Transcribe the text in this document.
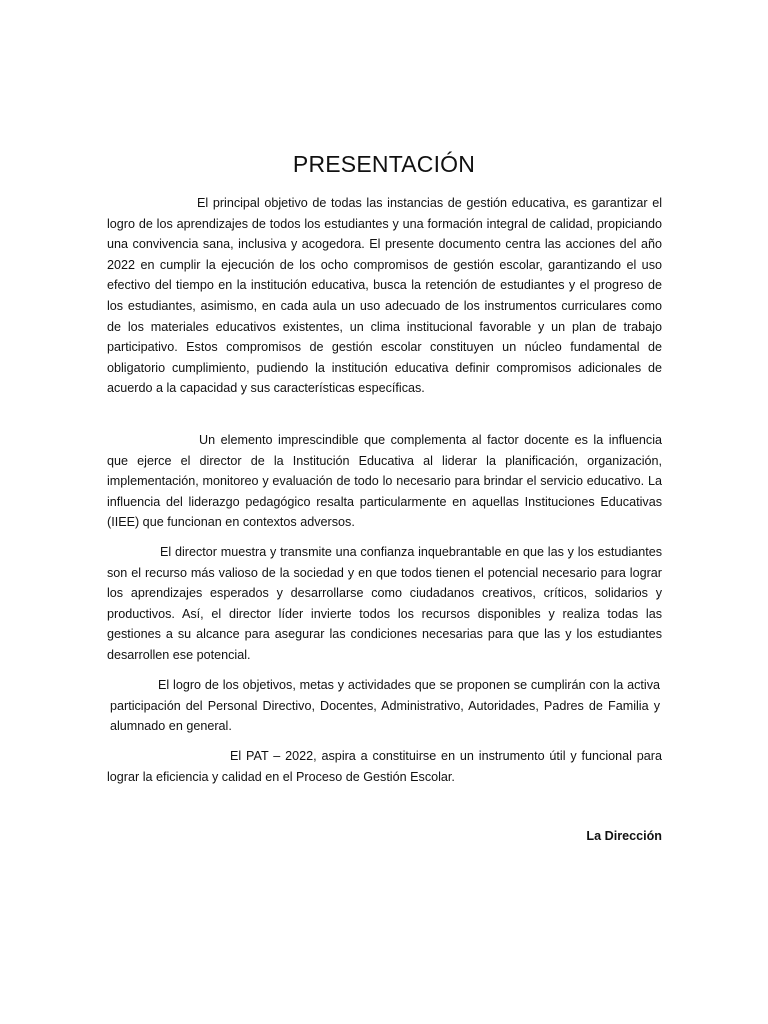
PRESENTACIÓN

El principal objetivo de todas las instancias de gestión educativa, es garantizar el logro de los aprendizajes de todos los estudiantes y una formación integral de calidad, propiciando una convivencia sana, inclusiva y acogedora. El presente documento centra las acciones del año 2022 en cumplir la ejecución de los ocho compromisos de gestión escolar, garantizando el uso efectivo del tiempo en la institución educativa, busca la retención de estudiantes y el progreso de los estudiantes, asimismo, en cada aula un uso adecuado de los instrumentos curriculares como de los materiales educativos existentes, un clima institucional favorable y un plan de trabajo participativo. Estos compromisos de gestión escolar constituyen un núcleo fundamental de obligatorio cumplimiento, pudiendo la institución educativa definir compromisos adicionales de acuerdo a la capacidad y sus características específicas.

Un elemento imprescindible que complementa al factor docente es la influencia que ejerce el director de la Institución Educativa al liderar la planificación, organización, implementación, monitoreo y evaluación de todo lo necesario para brindar el servicio educativo. La influencia del liderazgo pedagógico resalta particularmente en aquellas Instituciones Educativas (IIEE) que funcionan en contextos adversos.

El director muestra y transmite una confianza inquebrantable en que las y los estudiantes son el recurso más valioso de la sociedad y en que todos tienen el potencial necesario para lograr los aprendizajes esperados y desarrollarse como ciudadanos creativos, críticos, solidarios y productivos. Así, el director líder invierte todos los recursos disponibles y realiza todas las gestiones a su alcance para asegurar las condiciones necesarias para que las y los estudiantes desarrollen ese potencial.

El logro de los objetivos, metas y actividades que se proponen se cumplirán con la activa participación del Personal Directivo, Docentes, Administrativo, Autoridades, Padres de Familia y alumnado en general.

El PAT – 2022, aspira a constituirse en un instrumento útil y funcional para lograr la eficiencia y calidad en el Proceso de Gestión Escolar.

La Dirección
